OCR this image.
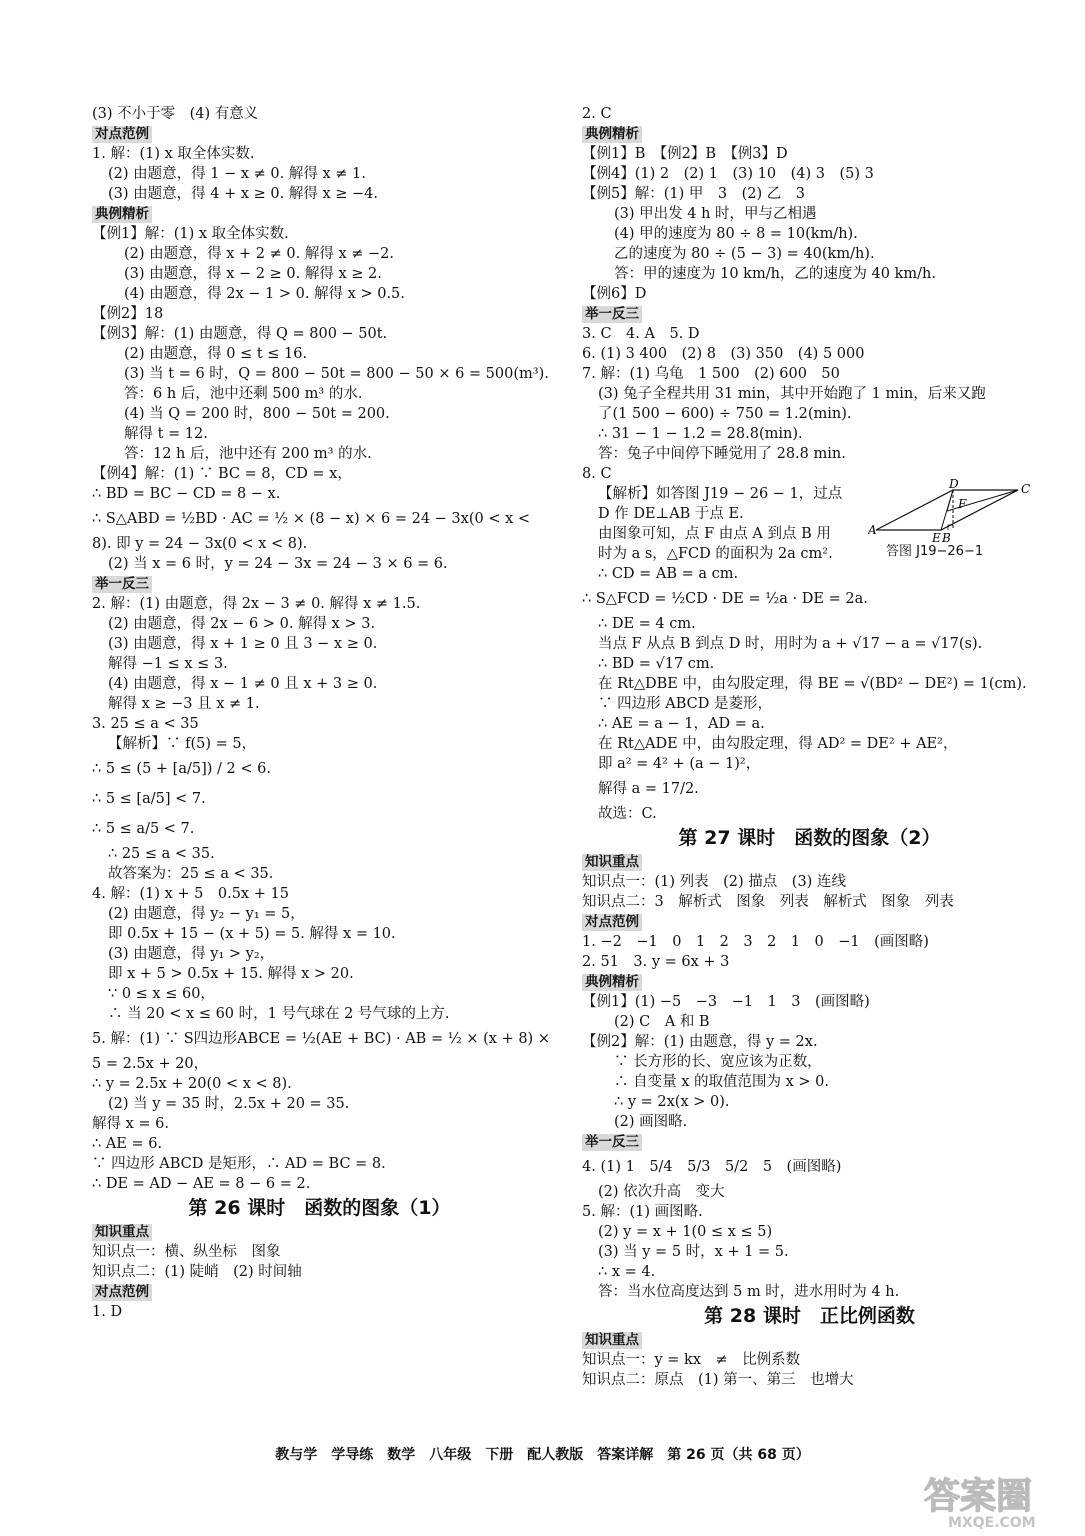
(3) 不小于零　(4) 有意义
对点范例
1. 解：(1) x 取全体实数.
(2) 由题意，得 1 − x ≠ 0. 解得 x ≠ 1.
(3) 由题意，得 4 + x ≥ 0. 解得 x ≥ −4.
典例精析
【例1】解：(1) x 取全体实数.
(2) 由题意，得 x + 2 ≠ 0. 解得 x ≠ −2.
(3) 由题意，得 x − 2 ≥ 0. 解得 x ≥ 2.
(4) 由题意，得 2x − 1 > 0. 解得 x > 0.5.
【例2】18
【例3】解：(1) 由题意，得 Q = 800 − 50t.
(2) 由题意，得 0 ≤ t ≤ 16.
(3) 当 t = 6 时，Q = 800 − 50t = 800 − 50 × 6 = 500(m³).
答：6 h 后，池中还剩 500 m³ 的水.
(4) 当 Q = 200 时，800 − 50t = 200.
解得 t = 12.
答：12 h 后，池中还有 200 m³ 的水.
【例4】解：(1) ∵ BC = 8，CD = x，
∴ BD = BC − CD = 8 − x.
∴ S△ABD = ½BD · AC = ½ × (8 − x) × 6 = 24 − 3x(0 < x <
8). 即 y = 24 − 3x(0 < x < 8).
(2) 当 x = 6 时，y = 24 − 3x = 24 − 3 × 6 = 6.
举一反三
2. 解：(1) 由题意，得 2x − 3 ≠ 0. 解得 x ≠ 1.5.
(2) 由题意，得 2x − 6 > 0. 解得 x > 3.
(3) 由题意，得 x + 1 ≥ 0 且 3 − x ≥ 0.
解得 −1 ≤ x ≤ 3.
(4) 由题意，得 x − 1 ≠ 0 且 x + 3 ≥ 0.
解得 x ≥ −3 且 x ≠ 1.
3. 25 ≤ a < 35
【解析】∵ f(5) = 5，
∴ 5 ≤ (5 + [a/5]) / 2 < 6.
∴ 5 ≤ [a/5] < 7.
∴ 5 ≤ a/5 < 7.
∴ 25 ≤ a < 35.
故答案为：25 ≤ a < 35.
4. 解：(1) x + 5　0.5x + 15
(2) 由题意，得 y₂ − y₁ = 5，
即 0.5x + 15 − (x + 5) = 5. 解得 x = 10.
(3) 由题意，得 y₁ > y₂，
即 x + 5 > 0.5x + 15. 解得 x > 20.
∵ 0 ≤ x ≤ 60，
∴ 当 20 < x ≤ 60 时，1 号气球在 2 号气球的上方.
5. 解：(1) ∵ S四边形ABCE = ½(AE + BC) · AB = ½ × (x + 8) ×
5 = 2.5x + 20，
∴ y = 2.5x + 20(0 < x < 8).
(2) 当 y = 35 时，2.5x + 20 = 35.
解得 x = 6.
∴ AE = 6.
∵ 四边形 ABCD 是矩形，∴ AD = BC = 8.
∴ DE = AD − AE = 8 − 6 = 2.
第 26 课时　函数的图象（1）
知识重点
知识点一：横、纵坐标　图象
知识点二：(1) 陡峭　(2) 时间轴
对点范例
1. D
2. C
典例精析
【例1】B　【例2】B　【例3】D
【例4】(1) 2　(2) 1　(3) 10　(4) 3　(5) 3
【例5】解：(1) 甲　3　(2) 乙　3
(3) 甲出发 4 h 时，甲与乙相遇
(4) 甲的速度为 80 ÷ 8 = 10(km/h).
乙的速度为 80 ÷ (5 − 3) = 40(km/h).
答：甲的速度为 10 km/h，乙的速度为 40 km/h.
【例6】D
举一反三
3. C　4. A　5. D
6. (1) 3 400　(2) 8　(3) 350　(4) 5 000
7. 解：(1) 乌龟　1 500　(2) 600　50
(3) 兔子全程共用 31 min，其中开始跑了 1 min，后来又跑
了(1 500 − 600) ÷ 750 = 1.2(min).
∴ 31 − 1 − 1.2 = 28.8(min).
答：兔子中间停下睡觉用了 28.8 min.
8. C
【解析】如答图 J19 − 26 − 1，过点
D 作 DE⊥AB 于点 E.
由图象可知，点 F 由点 A 到点 B 用
时为 a s，△FCD 的面积为 2a cm².
∴ CD = AB = a cm.
∴ S△FCD = ½CD · DE = ½a · DE = 2a.
∴ DE = 4 cm.
当点 F 从点 B 到点 D 时，用时为 a + √17 − a = √17(s).
∴ BD = √17 cm.
在 Rt△DBE 中，由勾股定理，得 BE = √(BD² − DE²) = 1(cm).
∵ 四边形 ABCD 是菱形，
∴ AE = a − 1，AD = a.
在 Rt△ADE 中，由勾股定理，得 AD² = DE² + AE²，
即 a² = 4² + (a − 1)²，
解得 a = 17/2.
故选：C.
第 27 课时　函数的图象（2）
知识重点
知识点一：(1) 列表　(2) 描点　(3) 连线
知识点二：3　解析式　图象　列表　解析式　图象　列表
对点范例
1. −2　−1　0　1　2　3　2　1　0　−1　(画图略)
2. 51　3. y = 6x + 3
典例精析
【例1】(1) −5　−3　−1　1　3　(画图略)
(2) C　A 和 B
【例2】解：(1) 由题意，得 y = 2x.
∵ 长方形的长、宽应该为正数，
∴ 自变量 x 的取值范围为 x > 0.
∴ y = 2x(x > 0).
(2) 画图略.
举一反三
4. (1) 1　5/4　5/3　5/2　5　(画图略)
(2) 依次升高　变大
5. 解：(1) 画图略.
(2) y = x + 1(0 ≤ x ≤ 5)
(3) 当 y = 5 时，x + 1 = 5.
∴ x = 4.
答：当水位高度达到 5 m 时，进水用时为 4 h.
第 28 课时　正比例函数
知识重点
知识点一：y = kx　≠　比例系数
知识点二：原点　(1) 第一、第三　也增大
A
D	C
F
E B
答图 J19−26−1
教与学　学导练　数学　八年级　下册　配人教版　答案详解　第 26 页（共 68 页）
答案圈
MXQE.COM
